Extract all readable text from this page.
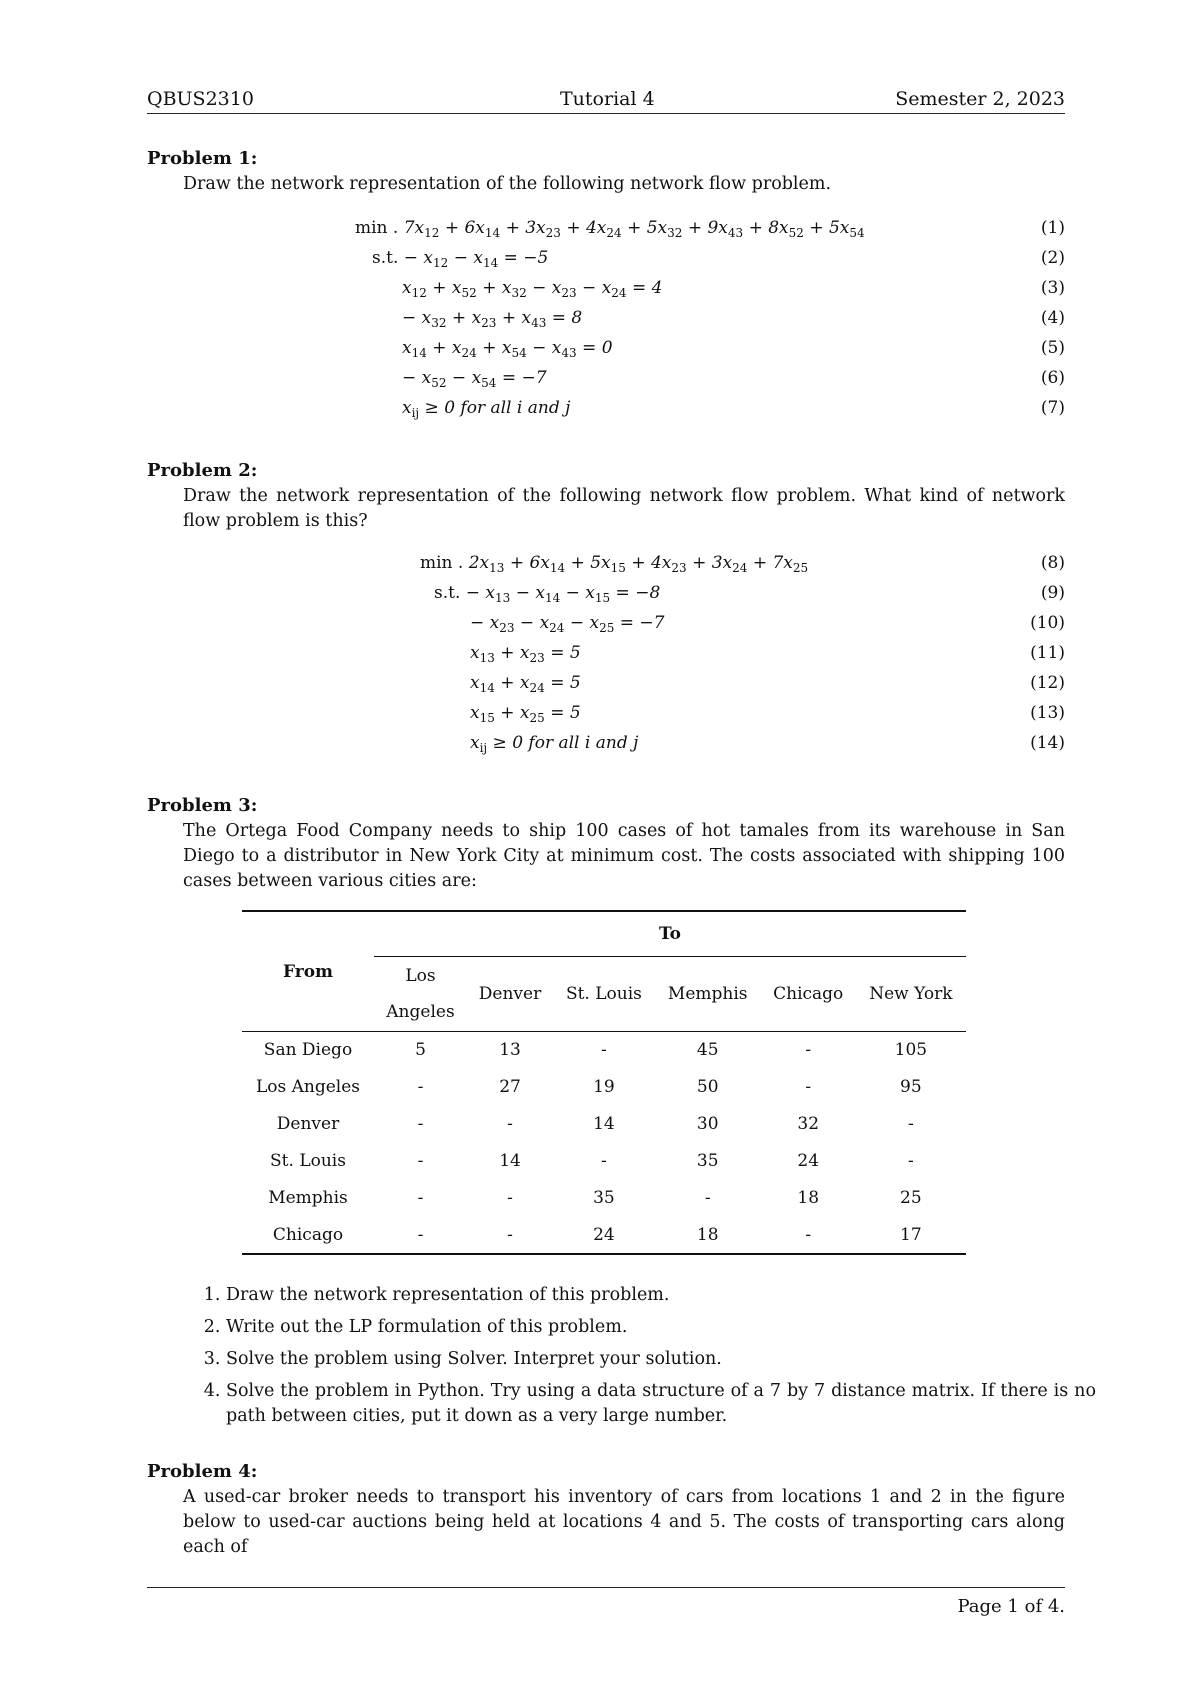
QBUS2310	Tutorial 4	Semester 2, 2023
Problem 1:
Draw the network representation of the following network flow problem.
min . $7x_{12} + 6x_{14} + 3x_{23} + 4x_{24} + 5x_{32} + 9x_{43} + 8x_{52} + 5x_{54}$	(1)
s.t. − $x_{12} - x_{14} = -5$	(2)
$x_{12} + x_{52} + x_{32} - x_{23} - x_{24} = 4$	(3)
− $x_{32} + x_{23} + x_{43} = 8$	(4)
$x_{14} + x_{24} + x_{54} - x_{43} = 0$	(5)
− $x_{52} - x_{54} = -7$	(6)
$x_{ij} \ge 0$ for all i and j	(7)
Problem 2:
Draw the network representation of the following network flow problem. What kind of network flow problem is this?
min . $2x_{13} + 6x_{14} + 5x_{15} + 4x_{23} + 3x_{24} + 7x_{25}$	(8)
s.t. − $x_{13} - x_{14} - x_{15} = -8$	(9)
− $x_{23} - x_{24} - x_{25} = -7$	(10)
$x_{13} + x_{23} = 5$	(11)
$x_{14} + x_{24} = 5$	(12)
$x_{15} + x_{25} = 5$	(13)
$x_{ij} \ge 0$ for all i and j	(14)
Problem 3:
The Ortega Food Company needs to ship 100 cases of hot tamales from its warehouse in San Diego to a distributor in New York City at minimum cost. The costs associated with shipping 100 cases between various cities are:
From	To					
	Los
Angeles	Denver	St. Louis	Memphis	Chicago	New York
San Diego	5	13	-	45	-	105
Los Angeles	-	27	19	50	-	95
Denver	-	-	14	30	32	-
St. Louis	-	14	-	35	24	-
Memphis	-	-	35	-	18	25
Chicago	-	-	24	18	-	17
1. Draw the network representation of this problem.
2. Write out the LP formulation of this problem.
3. Solve the problem using Solver. Interpret your solution.
4. Solve the problem in Python. Try using a data structure of a 7 by 7 distance matrix. If there is no path between cities, put it down as a very large number.
Problem 4:
A used-car broker needs to transport his inventory of cars from locations 1 and 2 in the figure below to used-car auctions being held at locations 4 and 5. The costs of transporting cars along each of
Page 1 of 4.
